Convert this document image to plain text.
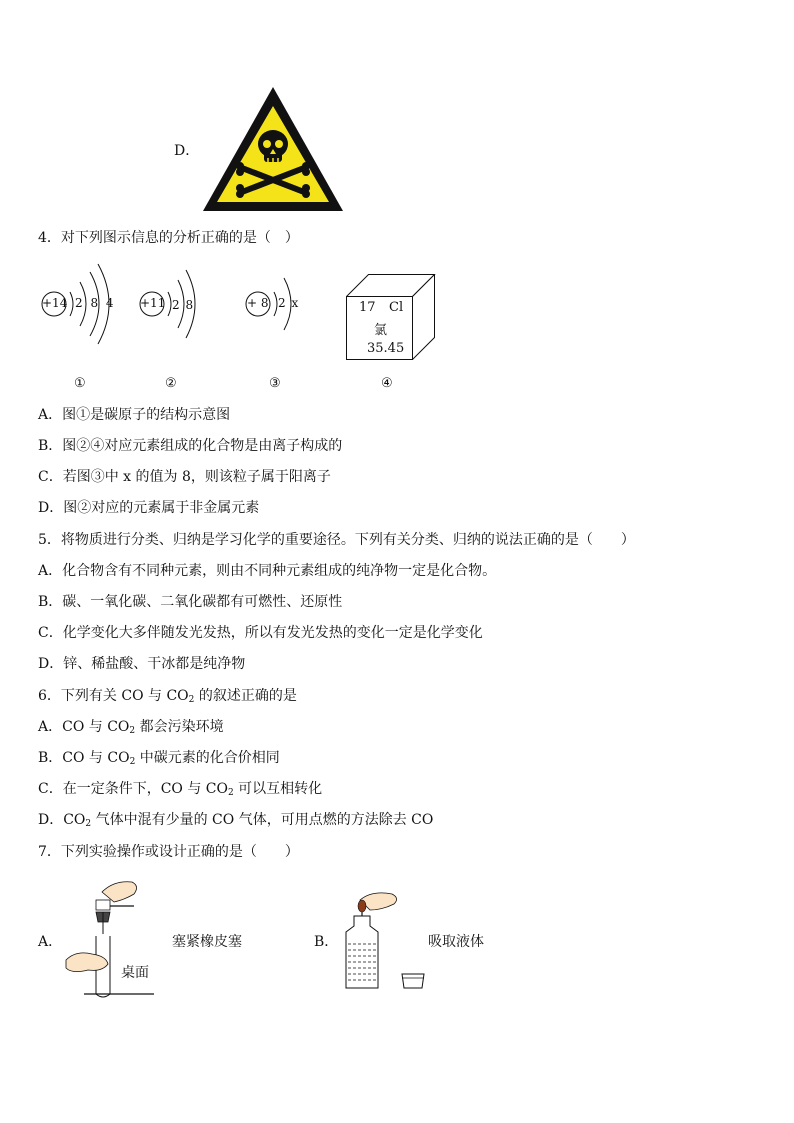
D．
4．对下列图示信息的分析正确的是（　）
+14 2 8 4
①
+11 2 8
②
+ 8 2 x
③
17 Cl
氯
35.45
④
A．图①是碳原子的结构示意图
B．图②④对应元素组成的化合物是由离子构成的
C．若图③中 x 的值为 8，则该粒子属于阳离子
D．图②对应的元素属于非金属元素
5．将物质进行分类、归纳是学习化学的重要途径。下列有关分类、归纳的说法正确的是（　　）
A．化合物含有不同种元素，则由不同种元素组成的纯净物一定是化合物。
B．碳、一氧化碳、二氧化碳都有可燃性、还原性
C．化学变化大多伴随发光发热，所以有发光发热的变化一定是化学变化
D．锌、稀盐酸、干冰都是纯净物
6．下列有关 CO 与 $CO_2$ 的叙述正确的是
A．CO 与 $CO_2$ 都会污染环境
B．CO 与 $CO_2$ 中碳元素的化合价相同
C．在一定条件下，CO 与 $CO_2$ 可以互相转化
D．$CO_2$ 气体中混有少量的 CO 气体，可用点燃的方法除去 CO
7．下列实验操作或设计正确的是（　　）
A．
桌面
塞紧橡皮塞	B．	吸取液体
